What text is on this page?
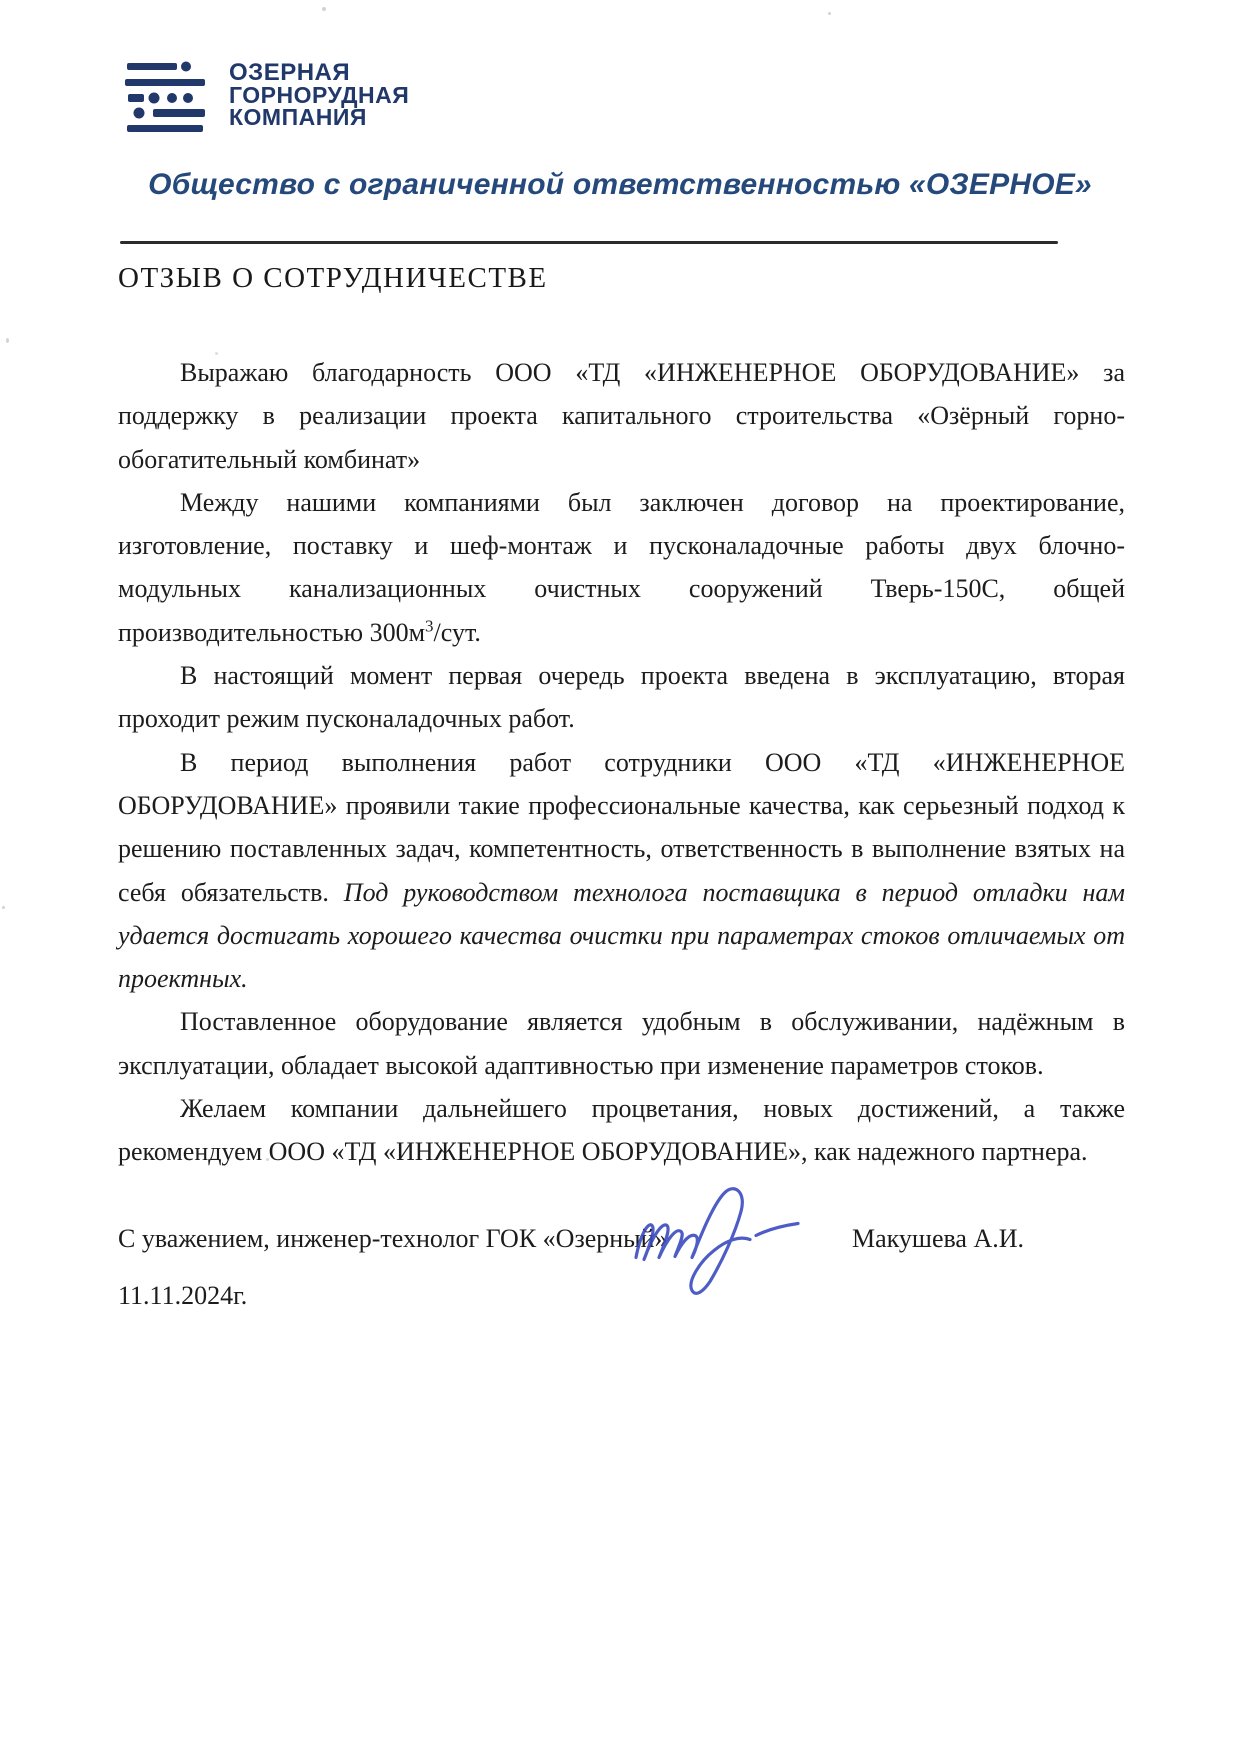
ОЗЕРНАЯ
ГОРНОРУДНАЯ
КОМПАНИЯ
Общество с ограниченной ответственностью «ОЗЕРНОЕ»
ОТЗЫВ О СОТРУДНИЧЕСТВЕ

Выражаю благодарность ООО «ТД «ИНЖЕНЕРНОЕ ОБОРУДОВАНИЕ» за поддержку в реализации проекта капитального строительства «Озёрный горно-обогатительный комбинат»

Между нашими компаниями был заключен договор на проектирование, изготовление, поставку и шеф-монтаж и пусконаладочные работы двух блочно-модульных канализационных очистных сооружений Тверь-150С, общей производительностью $300м^3$/сут.

В настоящий момент первая очередь проекта введена в эксплуатацию, вторая проходит режим пусконаладочных работ.

В период выполнения работ сотрудники ООО «ТД «ИНЖЕНЕРНОЕ ОБОРУДОВАНИЕ» проявили такие профессиональные качества, как серьезный подход к решению поставленных задач, компетентность, ответственность в выполнение взятых на себя обязательств. Под руководством технолога поставщика в период отладки нам удается достигать хорошего качества очистки при параметрах стоков отличаемых от проектных.

Поставленное оборудование является удобным в обслуживании, надёжным в эксплуатации, обладает высокой адаптивностью при изменение параметров стоков.

Желаем компании дальнейшего процветания, новых достижений, а также рекомендуем ООО «ТД «ИНЖЕНЕРНОЕ ОБОРУДОВАНИЕ», как надежного партнера.

С уважением, инженер-технолог ГОК «Озерный»	Макушева А.И.
11.11.2024г.
